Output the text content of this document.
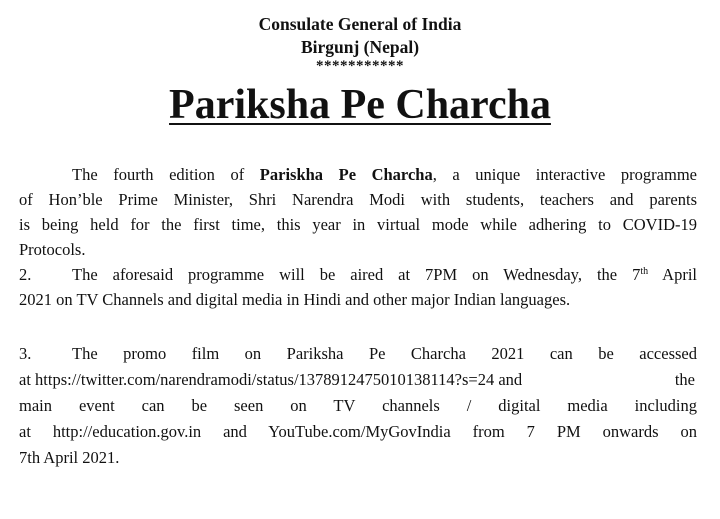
Consulate General of India
Birgunj (Nepal)
***********
Pariksha Pe Charcha
The fourth edition of Pariskha Pe Charcha, a unique interactive programme
of Hon’ble Prime Minister, Shri Narendra Modi with students, teachers and parents
is being held for the first time, this year in virtual mode while adhering to COVID-19
Protocols.
2. The aforesaid programme will be aired at 7PM on Wednesday, the 7th April
2021 on TV Channels and digital media in Hindi and other major Indian languages.
3. The promo film on Pariksha Pe Charcha 2021 can be accessed
at https://twitter.com/narendramodi/status/1378912475010138114?s=24 and	the
main event can be seen on TV channels / digital media including
at http://education.gov.in and YouTube.com/MyGovIndia from 7 PM onwards on
7th April 2021.
